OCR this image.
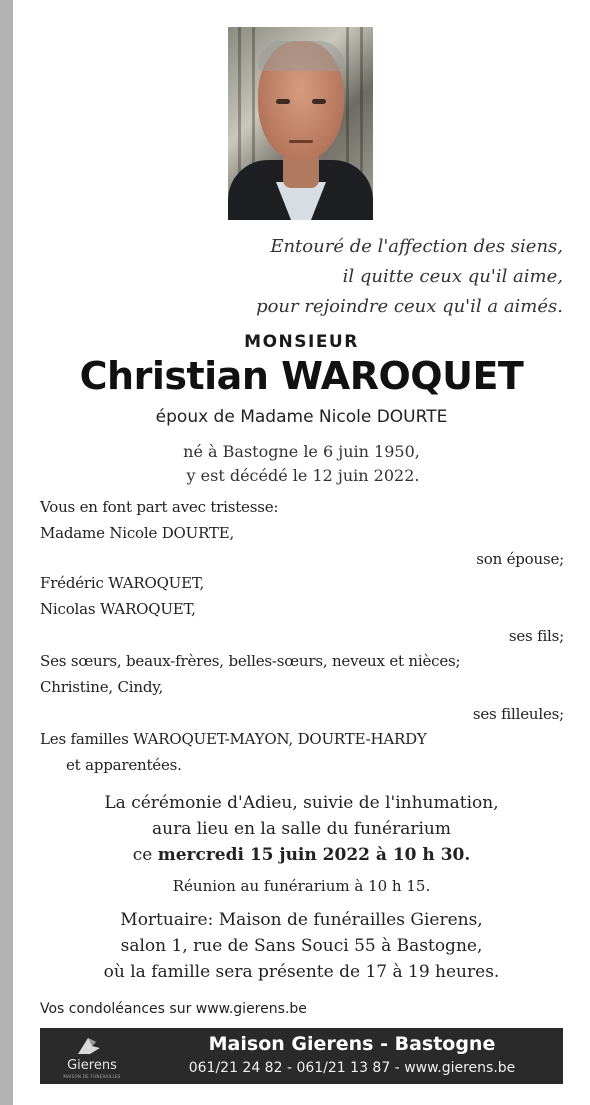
Entouré de l'affection des siens,
il quitte ceux qu'il aime,
pour rejoindre ceux qu'il a aimés.
MONSIEUR
Christian WAROQUET
époux de Madame Nicole DOURTE
né à Bastogne le 6 juin 1950,
y est décédé le 12 juin 2022.
Vous en font part avec tristesse:
Madame Nicole DOURTE,
son épouse;
Frédéric WAROQUET,
Nicolas WAROQUET,
ses fils;
Ses sœurs, beaux-frères, belles-sœurs, neveux et nièces;
Christine, Cindy,
ses filleules;
Les familles WAROQUET-MAYON, DOURTE-HARDY
et apparentées.
La cérémonie d'Adieu, suivie de l'inhumation,
aura lieu en la salle du funérarium
ce mercredi 15 juin 2022 à 10 h 30.
Réunion au funérarium à 10 h 15.
Mortuaire: Maison de funérailles Gierens,
salon 1, rue de Sans Souci 55 à Bastogne,
où la famille sera présente de 17 à 19 heures.
Vos condoléances sur www.gierens.be
Gierens
MAISON DE FUNÉRAILLES
Maison Gierens - Bastogne
061/21 24 82 - 061/21 13 87 - www.gierens.be
